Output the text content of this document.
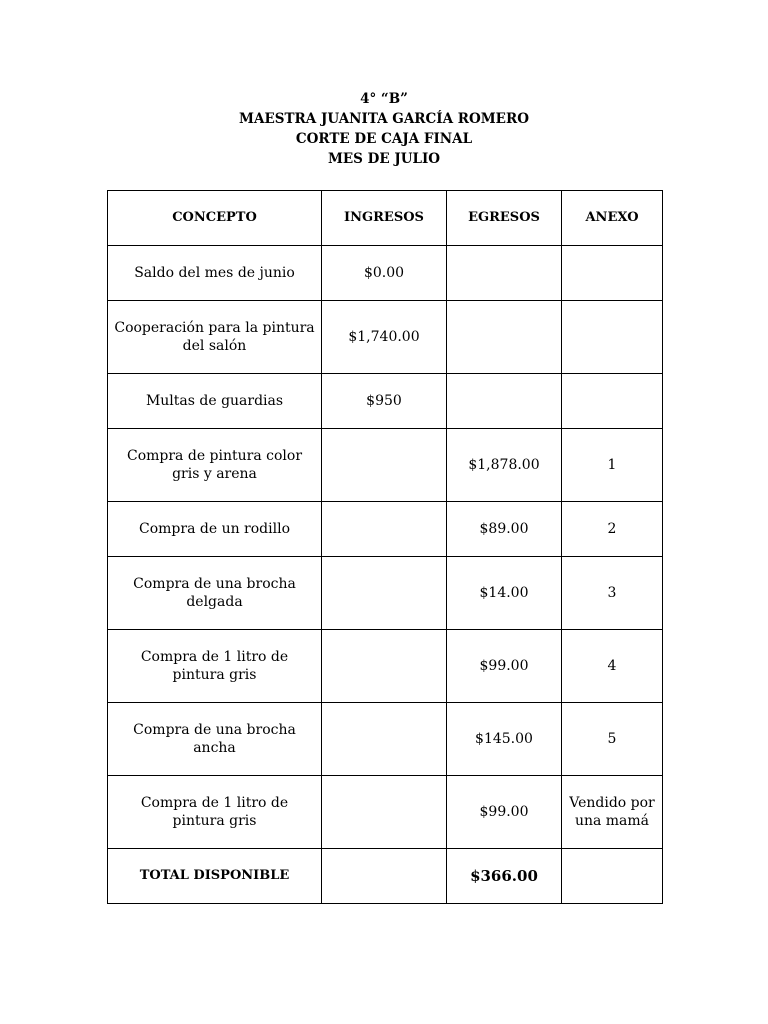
4° “B”
MAESTRA JUANITA GARCÍA ROMERO
CORTE DE CAJA FINAL
MES DE JULIO
CONCEPTO	INGRESOS	EGRESOS	ANEXO
Saldo del mes de junio	$0.00		
Cooperación para la pintura del salón	$1,740.00		
Multas de guardias	$950		
Compra de pintura color gris y arena		$1,878.00	1
Compra de un rodillo		$89.00	2
Compra de una brocha delgada		$14.00	3
Compra de 1 litro de pintura gris		$99.00	4
Compra de una brocha ancha		$145.00	5
Compra de 1 litro de pintura gris		$99.00	Vendido por una mamá
TOTAL DISPONIBLE		$366.00	
